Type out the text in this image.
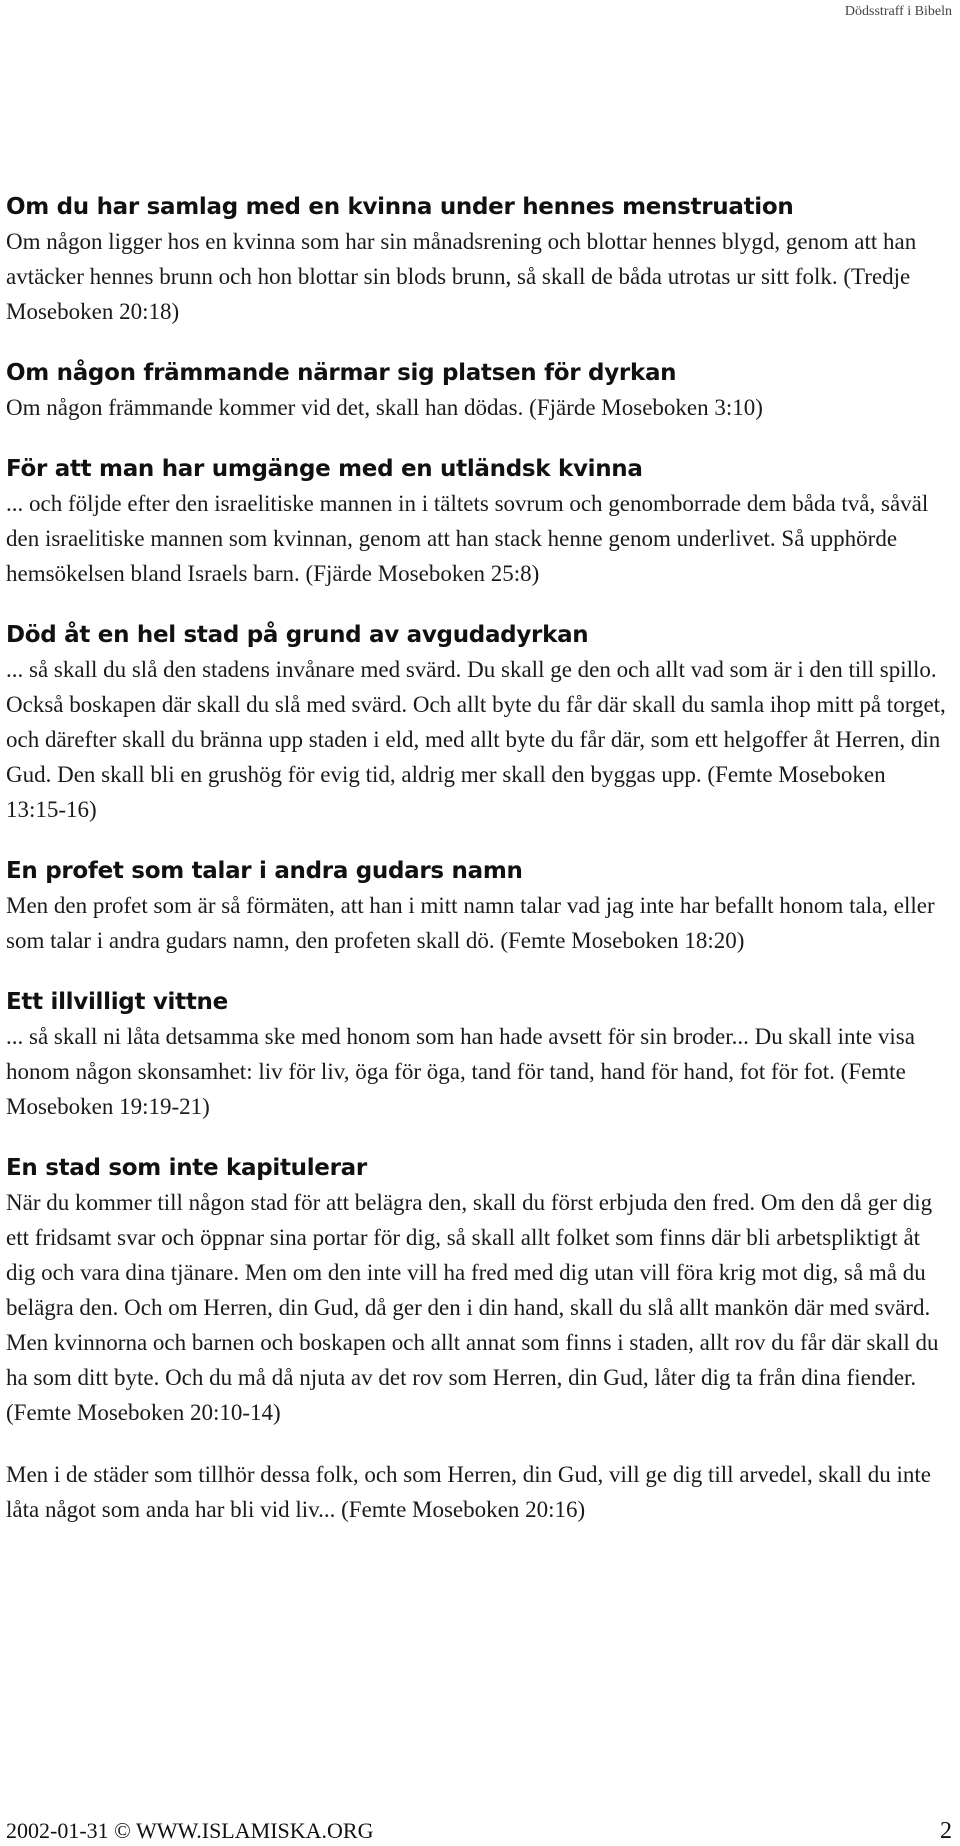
Dödsstraff i Bibeln
Om du har samlag med en kvinna under hennes menstruation

Om någon ligger hos en kvinna som har sin månadsrening och blottar hennes blygd, genom att han avtäcker hennes brunn och hon blottar sin blods brunn, så skall de båda utrotas ur sitt folk. (Tredje Moseboken 20:18)

Om någon främmande närmar sig platsen för dyrkan

Om någon främmande kommer vid det, skall han dödas. (Fjärde Moseboken 3:10)

För att man har umgänge med en utländsk kvinna

... och följde efter den israelitiske mannen in i tältets sovrum och genomborrade dem båda två, såväl den israelitiske mannen som kvinnan, genom att han stack henne genom underlivet. Så upphörde hemsökelsen bland Israels barn. (Fjärde Moseboken 25:8)

Död åt en hel stad på grund av avgudadyrkan

... så skall du slå den stadens invånare med svärd. Du skall ge den och allt vad som är i den till spillo. Också boskapen där skall du slå med svärd. Och allt byte du får där skall du samla ihop mitt på torget, och därefter skall du bränna upp staden i eld, med allt byte du får där, som ett helgoffer åt Herren, din Gud. Den skall bli en grushög för evig tid, aldrig mer skall den byggas upp. (Femte Moseboken 13:15-16)

En profet som talar i andra gudars namn

Men den profet som är så förmäten, att han i mitt namn talar vad jag inte har befallt honom tala, eller som talar i andra gudars namn, den profeten skall dö. (Femte Moseboken 18:20)

Ett illvilligt vittne

... så skall ni låta detsamma ske med honom som han hade avsett för sin broder... Du skall inte visa honom någon skonsamhet: liv för liv, öga för öga, tand för tand, hand för hand, fot för fot. (Femte Moseboken 19:19-21)

En stad som inte kapitulerar

När du kommer till någon stad för att belägra den, skall du först erbjuda den fred. Om den då ger dig ett fridsamt svar och öppnar sina portar för dig, så skall allt folket som finns där bli arbetspliktigt åt dig och vara dina tjänare. Men om den inte vill ha fred med dig utan vill föra krig mot dig, så må du belägra den. Och om Herren, din Gud, då ger den i din hand, skall du slå allt mankön där med svärd. Men kvinnorna och barnen och boskapen och allt annat som finns i staden, allt rov du får där skall du ha som ditt byte. Och du må då njuta av det rov som Herren, din Gud, låter dig ta från dina fiender. (Femte Moseboken 20:10-14)

Men i de städer som tillhör dessa folk, och som Herren, din Gud, vill ge dig till arvedel, skall du inte låta något som anda har bli vid liv... (Femte Moseboken 20:16)

2002-01-31 © WWW.ISLAMISKA.ORG	2
